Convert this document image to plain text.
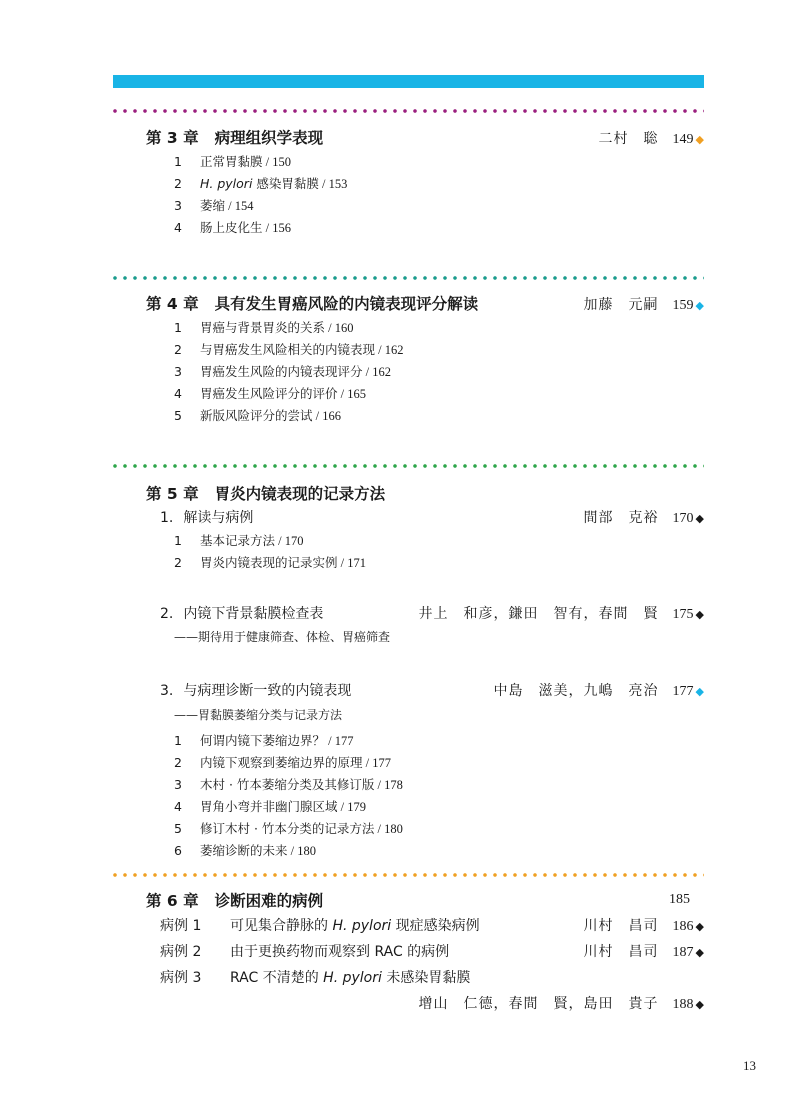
第 3 章 病理组织学表现	二村　聡 149 ◆
1 正常胃黏膜 / 150
2 H. pylori 感染胃黏膜 / 153
3 萎缩 / 154
4 肠上皮化生 / 156
第 4 章 具有发生胃癌风险的内镜表现评分解读	加藤　元嗣 159 ◆
1 胃癌与背景胃炎的关系 / 160
2 与胃癌发生风险相关的内镜表现 / 162
3 胃癌发生风险的内镜表现评分 / 162
4 胃癌发生风险评分的评价 / 165
5 新版风险评分的尝试 / 166
第 5 章 胃炎内镜表现的记录方法
1. 解读与病例	間部　克裕 170 ◆
1 基本记录方法 / 170
2 胃炎内镜表现的记录实例 / 171
2. 内镜下背景黏膜检查表	井上　和彦，鎌田　智有，春間　賢 175 ◆
——期待用于健康筛查、体检、胃癌筛查
3. 与病理诊断一致的内镜表现	中島　滋美，九嶋　亮治 177 ◆
——胃黏膜萎缩分类与记录方法
1 何谓内镜下萎缩边界？ / 177
2 内镜下观察到萎缩边界的原理 / 177
3 木村 · 竹本萎缩分类及其修订版 / 178
4 胃角小弯并非幽门腺区域 / 179
5 修订木村 · 竹本分类的记录方法 / 180
6 萎缩诊断的未来 / 180
第 6 章 诊断困难的病例	185
病例 1 可见集合静脉的 H. pylori 现症感染病例	川村　昌司 186 ◆
病例 2 由于更换药物而观察到 RAC 的病例	川村　昌司 187 ◆
病例 3 RAC 不清楚的 H. pylori 未感染胃黏膜
增山　仁德，春間　賢，島田　貴子 188 ◆
13
